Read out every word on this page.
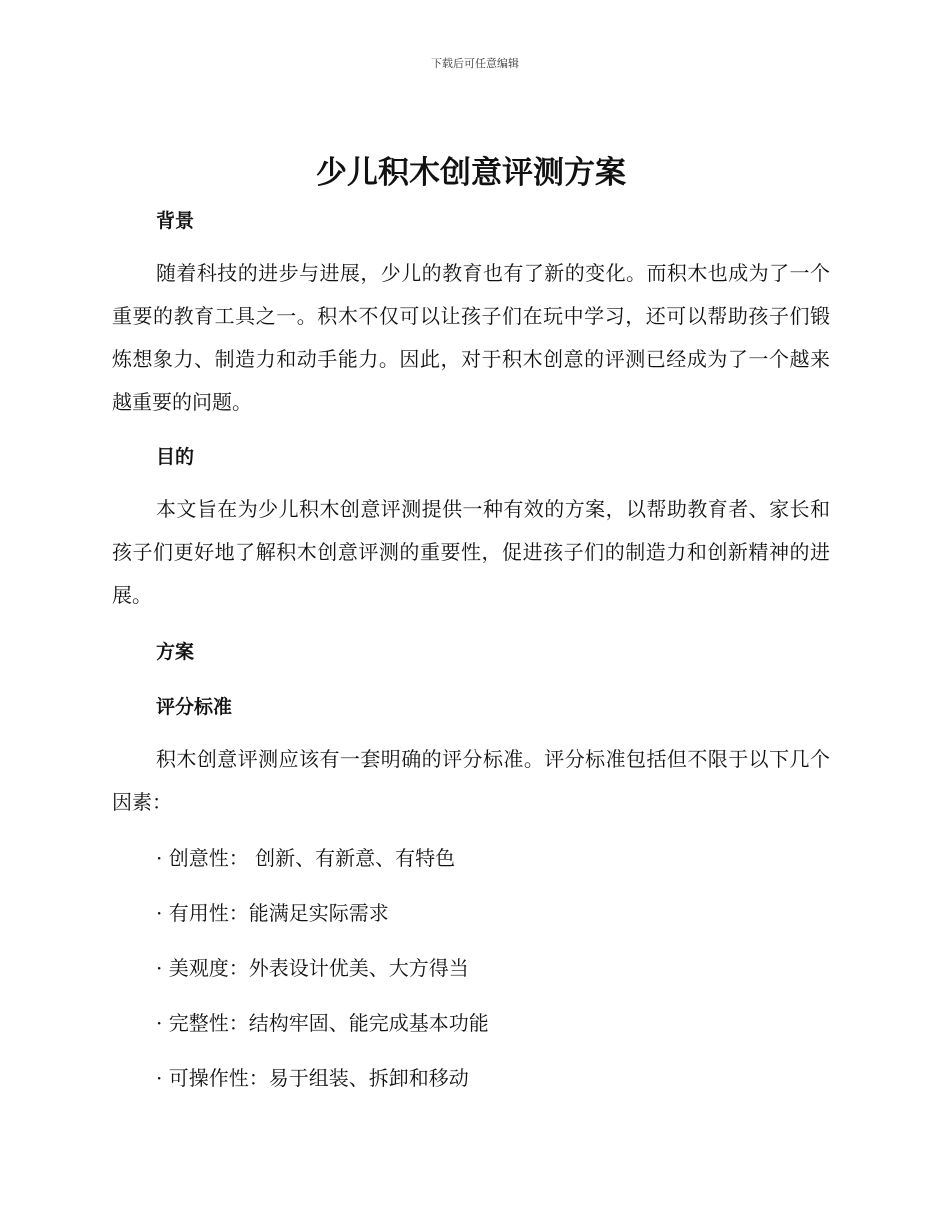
下载后可任意编辑
少儿积木创意评测方案
背景

随着科技的进步与进展，少儿的教育也有了新的变化。而积木也成为了一个重要的教育工具之一。积木不仅可以让孩子们在玩中学习，还可以帮助孩子们锻炼想象力、制造力和动手能力。因此，对于积木创意的评测已经成为了一个越来越重要的问题。

目的

本文旨在为少儿积木创意评测提供一种有效的方案，以帮助教育者、家长和孩子们更好地了解积木创意评测的重要性，促进孩子们的制造力和创新精神的进展。

方案
评分标准

积木创意评测应该有一套明确的评分标准。评分标准包括但不限于以下几个因素：

· 创意性： 创新、有新意、有特色
· 有用性：能满足实际需求
· 美观度：外表设计优美、大方得当
· 完整性：结构牢固、能完成基本功能
· 可操作性：易于组装、拆卸和移动
